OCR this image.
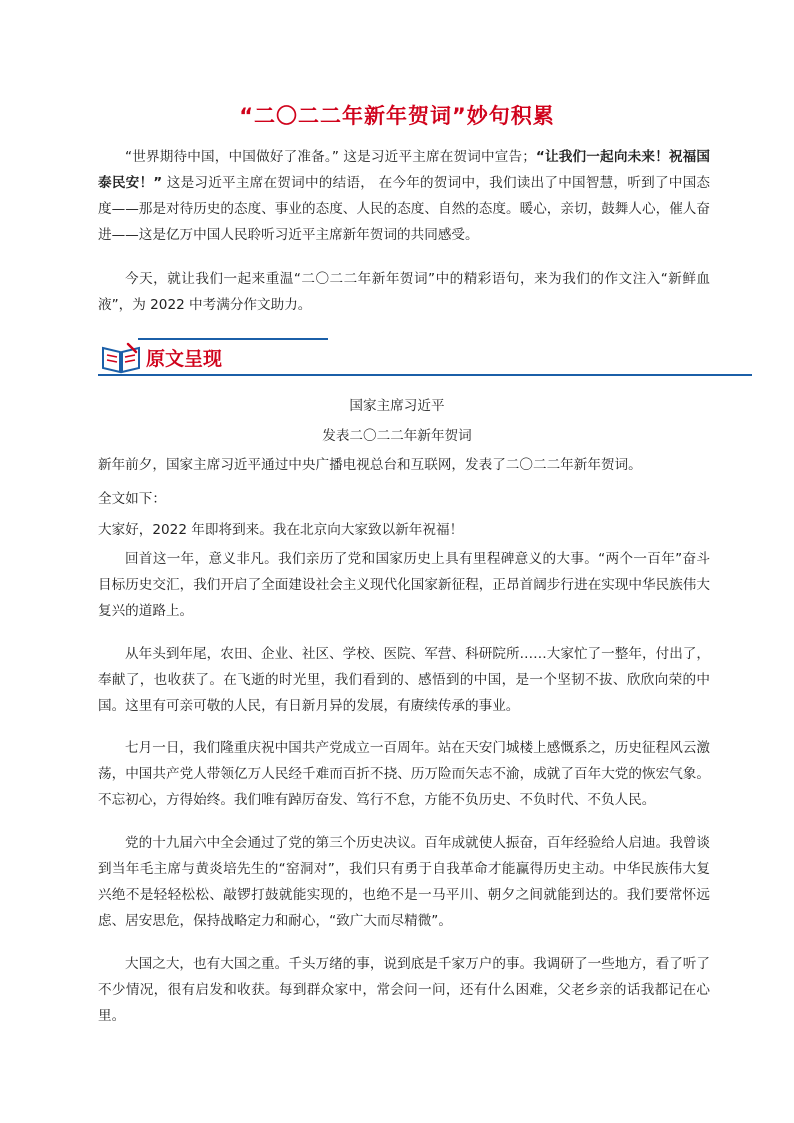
“二〇二二年新年贺词”妙句积累

“世界期待中国，中国做好了准备。” 这是习近平主席在贺词中宣告；“让我们一起向未来！祝福国泰民安！” 这是习近平主席在贺词中的结语， 在今年的贺词中，我们读出了中国智慧，听到了中国态度——那是对待历史的态度、事业的态度、人民的态度、自然的态度。暖心，亲切，鼓舞人心，催人奋进——这是亿万中国人民聆听习近平主席新年贺词的共同感受。

今天，就让我们一起来重温“二〇二二年新年贺词”中的精彩语句，来为我们的作文注入“新鲜血液”，为 2022 中考满分作文助力。

原文呈现
国家主席习近平
发表二〇二二年新年贺词

新年前夕，国家主席习近平通过中央广播电视总台和互联网，发表了二〇二二年新年贺词。

全文如下：

大家好，2022 年即将到来。我在北京向大家致以新年祝福！

回首这一年，意义非凡。我们亲历了党和国家历史上具有里程碑意义的大事。“两个一百年”奋斗目标历史交汇，我们开启了全面建设社会主义现代化国家新征程，正昂首阔步行进在实现中华民族伟大复兴的道路上。

从年头到年尾，农田、企业、社区、学校、医院、军营、科研院所……大家忙了一整年，付出了，奉献了，也收获了。在飞逝的时光里，我们看到的、感悟到的中国，是一个坚韧不拔、欣欣向荣的中国。这里有可亲可敬的人民，有日新月异的发展，有赓续传承的事业。

七月一日，我们隆重庆祝中国共产党成立一百周年。站在天安门城楼上感慨系之，历史征程风云激荡，中国共产党人带领亿万人民经千难而百折不挠、历万险而矢志不渝，成就了百年大党的恢宏气象。不忘初心，方得始终。我们唯有踔厉奋发、笃行不怠，方能不负历史、不负时代、不负人民。

党的十九届六中全会通过了党的第三个历史决议。百年成就使人振奋，百年经验给人启迪。我曾谈到当年毛主席与黄炎培先生的“窑洞对”，我们只有勇于自我革命才能赢得历史主动。中华民族伟大复兴绝不是轻轻松松、敲锣打鼓就能实现的，也绝不是一马平川、朝夕之间就能到达的。我们要常怀远虑、居安思危，保持战略定力和耐心，“致广大而尽精微”。

大国之大，也有大国之重。千头万绪的事，说到底是千家万户的事。我调研了一些地方，看了听了不少情况，很有启发和收获。每到群众家中，常会问一问，还有什么困难，父老乡亲的话我都记在心里。
